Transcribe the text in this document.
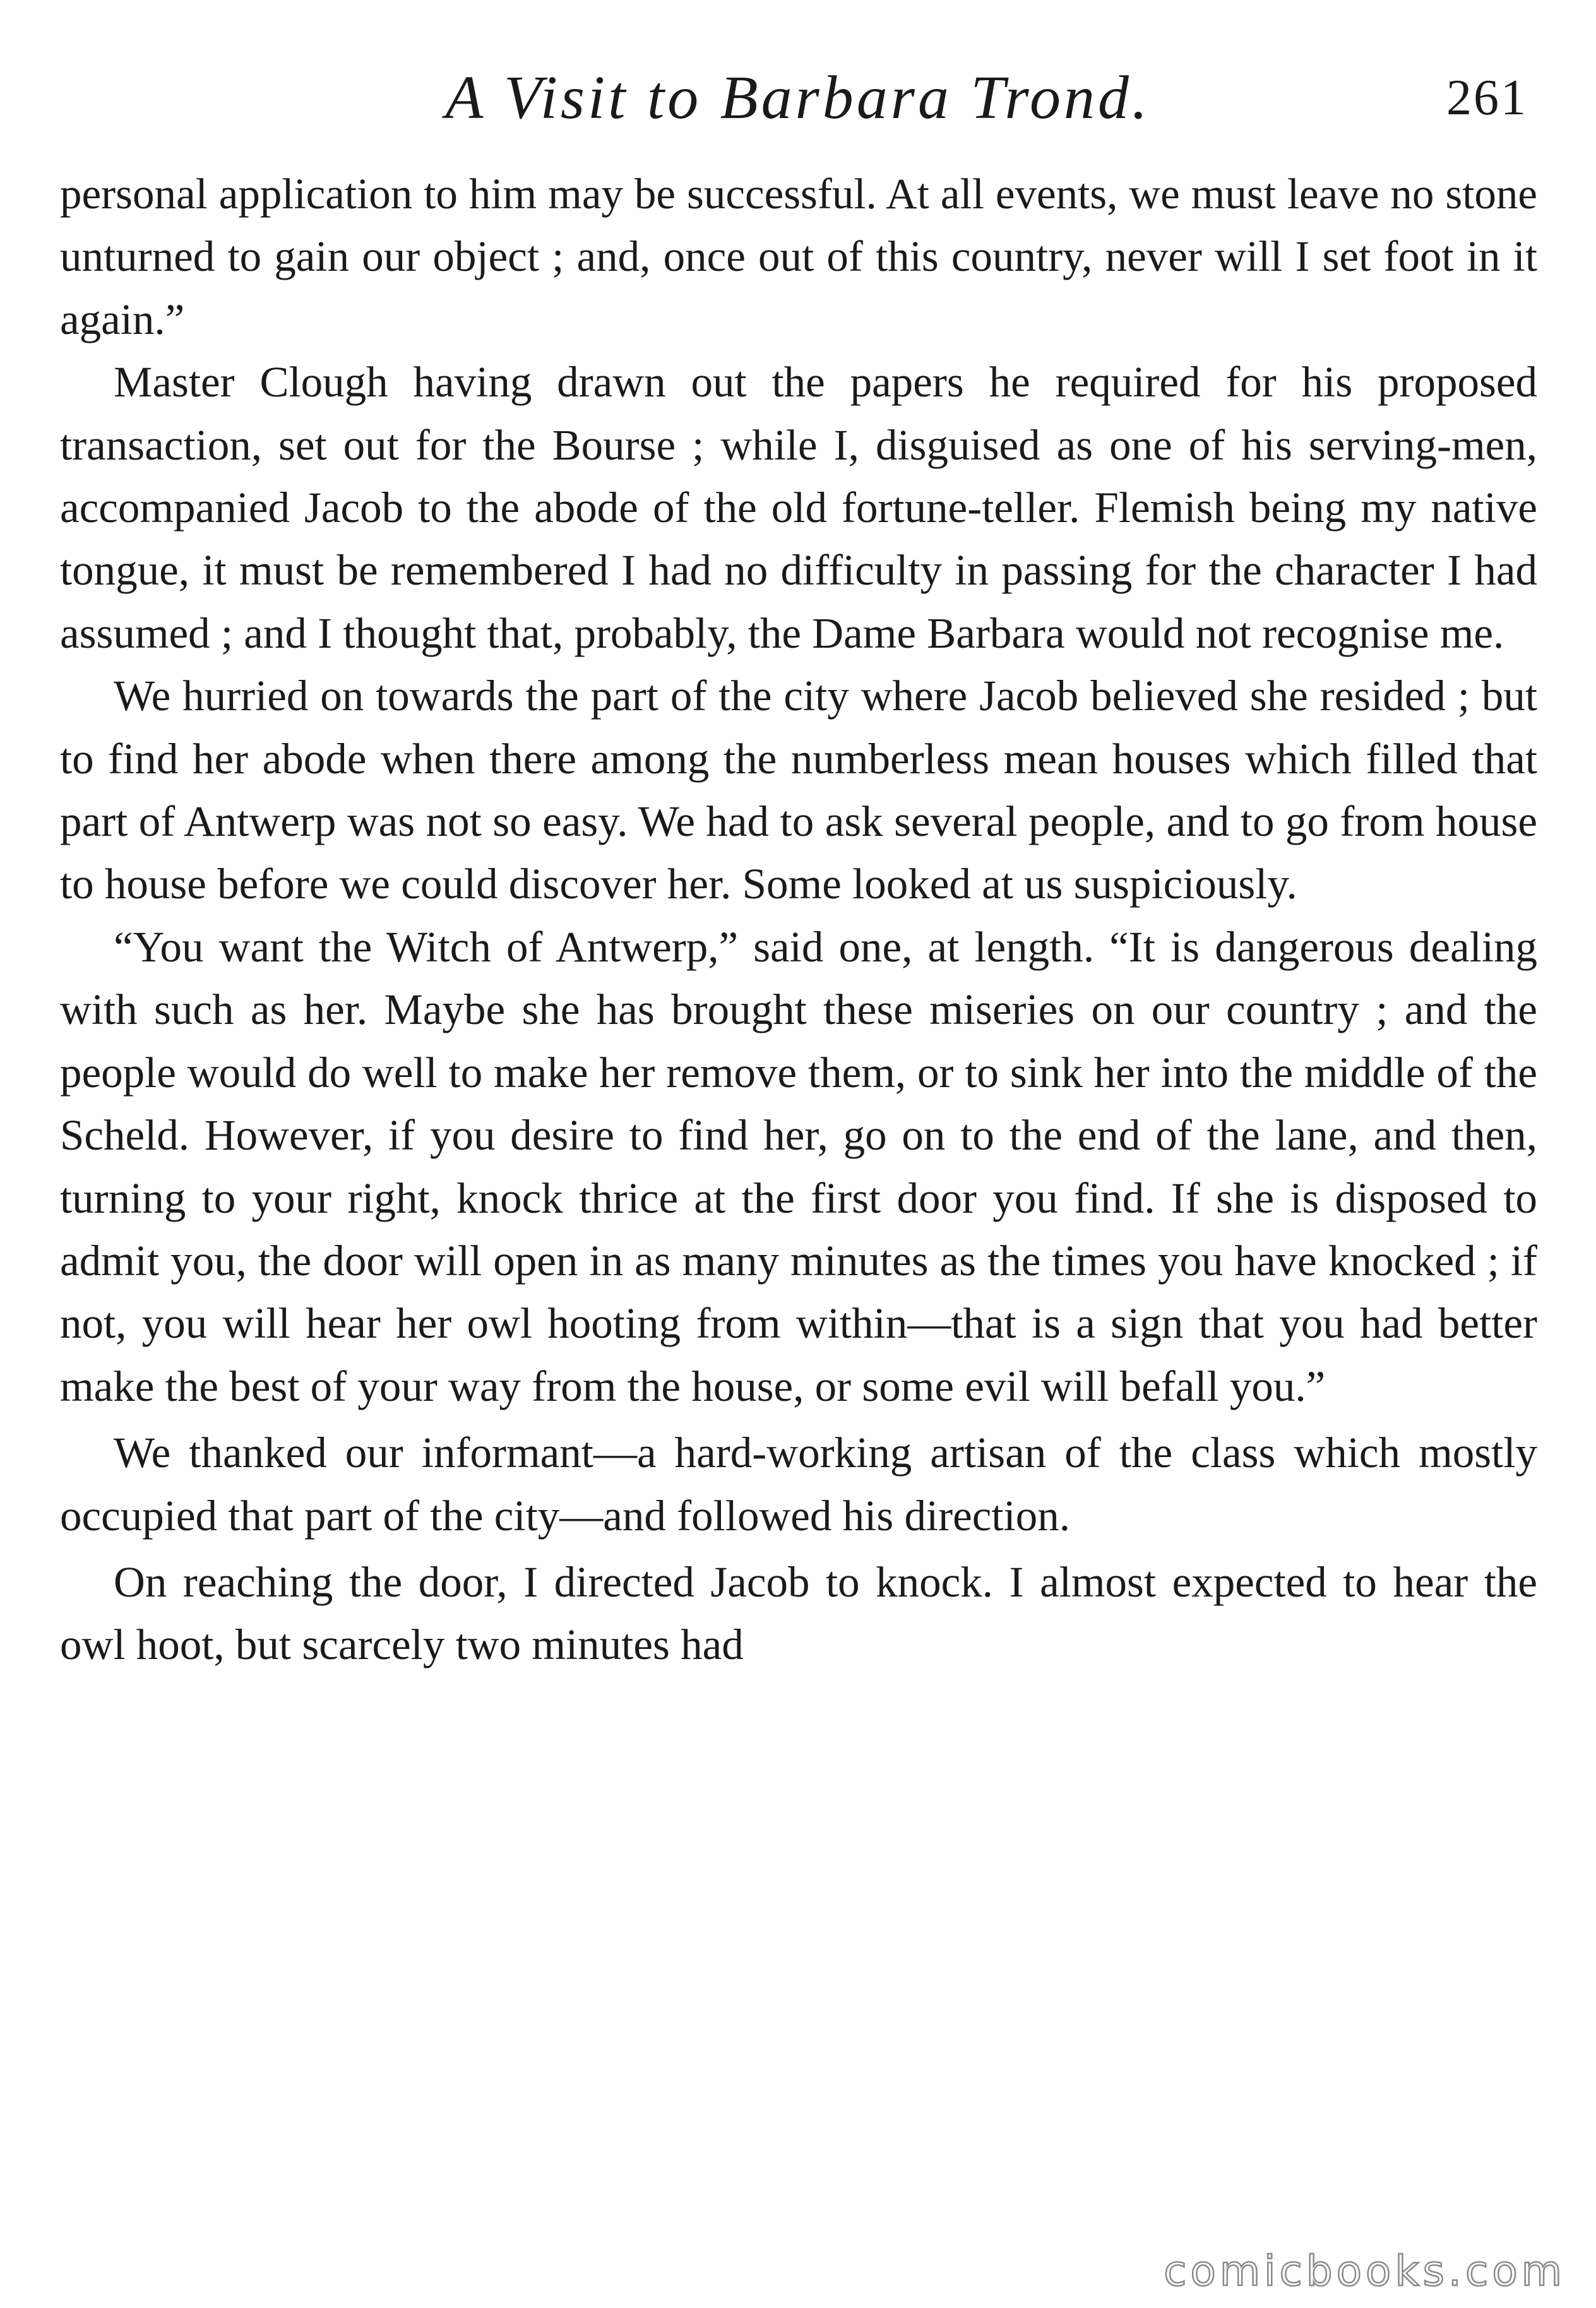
A Visit to Barbara Trond.	261

personal application to him may be successful. At all events, we must leave no stone unturned to gain our object ; and, once out of this country, never will I set foot in it again.”

Master Clough having drawn out the papers he required for his proposed transaction, set out for the Bourse ; while I, disguised as one of his serving-men, accompanied Jacob to the abode of the old fortune-teller. Flemish being my native tongue, it must be remembered I had no difficulty in passing for the character I had assumed ; and I thought that, probably, the Dame Barbara would not recognise me.

We hurried on towards the part of the city where Jacob believed she resided ; but to find her abode when there among the numberless mean houses which filled that part of Antwerp was not so easy. We had to ask several people, and to go from house to house before we could discover her. Some looked at us suspiciously.

“You want the Witch of Antwerp,” said one, at length. “It is dangerous dealing with such as her. Maybe she has brought these miseries on our country ; and the people would do well to make her remove them, or to sink her into the middle of the Scheld. However, if you desire to find her, go on to the end of the lane, and then, turning to your right, knock thrice at the first door you find. If she is disposed to admit you, the door will open in as many minutes as the times you have knocked ; if not, you will hear her owl hooting from within—that is a sign that you had better make the best of your way from the house, or some evil will befall you.”

We thanked our informant—a hard-working artisan of the class which mostly occupied that part of the city—and followed his direction.

On reaching the door, I directed Jacob to knock. I almost expected to hear the owl hoot, but scarcely two minutes had

comicbooks.com
